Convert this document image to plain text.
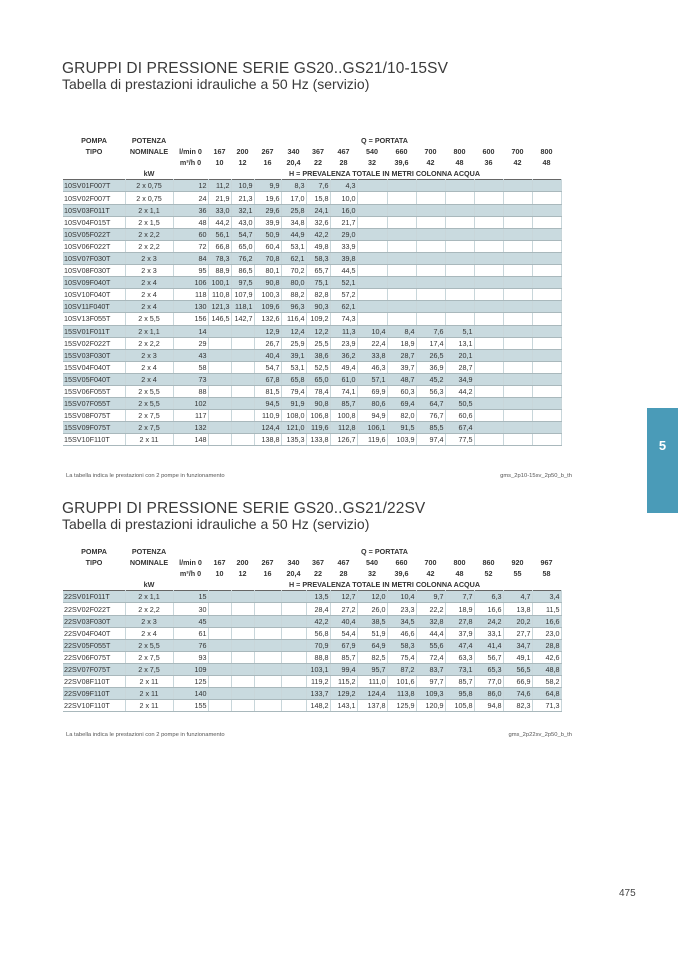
GRUPPI DI PRESSIONE SERIE GS20..GS21/10-15SV
Tabella di prestazioni idrauliche a 50 Hz (servizio)
POMPA	POTENZA		Q = PORTATA												
TIPO	NOMINALE	l/min 0	167	200	267	340	367	467	540	660	700	800	600	700	800
		m³/h 0	10	12	16	20,4	22	28	32	39,6	42	48	36	42	48
	kW		H = PREVALENZA TOTALE IN METRI COLONNA ACQUA												
10SV01F007T	2 x 0,75	12	11,2	10,9	9,9	8,3	7,6	4,3							
10SV02F007T	2 x 0,75	24	21,9	21,3	19,6	17,0	15,8	10,0							
10SV03F011T	2 x 1,1	36	33,0	32,1	29,6	25,8	24,1	16,0							
10SV04F015T	2 x 1,5	48	44,2	43,0	39,9	34,8	32,6	21,7							
10SV05F022T	2 x 2,2	60	56,1	54,7	50,9	44,9	42,2	29,0							
10SV06F022T	2 x 2,2	72	66,8	65,0	60,4	53,1	49,8	33,9							
10SV07F030T	2 x 3	84	78,3	76,2	70,8	62,1	58,3	39,8							
10SV08F030T	2 x 3	95	88,9	86,5	80,1	70,2	65,7	44,5							
10SV09F040T	2 x 4	106	100,1	97,5	90,8	80,0	75,1	52,1							
10SV10F040T	2 x 4	118	110,8	107,9	100,3	88,2	82,8	57,2							
10SV11F040T	2 x 4	130	121,3	118,1	109,6	96,3	90,3	62,1							
10SV13F055T	2 x 5,5	156	146,5	142,7	132,6	116,4	109,2	74,3							
15SV01F011T	2 x 1,1	14			12,9	12,4	12,2	11,3	10,4	8,4	7,6	5,1			
15SV02F022T	2 x 2,2	29			26,7	25,9	25,5	23,9	22,4	18,9	17,4	13,1			
15SV03F030T	2 x 3	43			40,4	39,1	38,6	36,2	33,8	28,7	26,5	20,1			
15SV04F040T	2 x 4	58			54,7	53,1	52,5	49,4	46,3	39,7	36,9	28,7			
15SV05F040T	2 x 4	73			67,8	65,8	65,0	61,0	57,1	48,7	45,2	34,9			
15SV06F055T	2 x 5,5	88			81,5	79,4	78,4	74,1	69,9	60,3	56,3	44,2			
15SV07F055T	2 x 5,5	102			94,5	91,9	90,8	85,7	80,6	69,4	64,7	50,5			
15SV08F075T	2 x 7,5	117			110,9	108,0	106,8	100,8	94,9	82,0	76,7	60,6			
15SV09F075T	2 x 7,5	132			124,4	121,0	119,6	112,8	106,1	91,5	85,5	67,4			
15SV10F110T	2 x 11	148			138,8	135,3	133,8	126,7	119,6	103,9	97,4	77,5			
La tabella indica le prestazioni con 2 pompe in funzionamento	gms_2p10-15sv_2p50_b_th
GRUPPI DI PRESSIONE SERIE GS20..GS21/22SV
Tabella di prestazioni idrauliche a 50 Hz (servizio)
POMPA	POTENZA		Q = PORTATA												
TIPO	NOMINALE	l/min 0	167	200	267	340	367	467	540	660	700	800	860	920	967
		m³/h 0	10	12	16	20,4	22	28	32	39,6	42	48	52	55	58
	kW		H = PREVALENZA TOTALE IN METRI COLONNA ACQUA												
22SV01F011T	2 x 1,1	15					13,5	12,7	12,0	10,4	9,7	7,7	6,3	4,7	3,4
22SV02F022T	2 x 2,2	30					28,4	27,2	26,0	23,3	22,2	18,9	16,6	13,8	11,5
22SV03F030T	2 x 3	45					42,2	40,4	38,5	34,5	32,8	27,8	24,2	20,2	16,6
22SV04F040T	2 x 4	61					56,8	54,4	51,9	46,6	44,4	37,9	33,1	27,7	23,0
22SV05F055T	2 x 5,5	76					70,9	67,9	64,9	58,3	55,6	47,4	41,4	34,7	28,8
22SV06F075T	2 x 7,5	93					88,8	85,7	82,5	75,4	72,4	63,3	56,7	49,1	42,6
22SV07F075T	2 x 7,5	109					103,1	99,4	95,7	87,2	83,7	73,1	65,3	56,5	48,8
22SV08F110T	2 x 11	125					119,2	115,2	111,0	101,6	97,7	85,7	77,0	66,9	58,2
22SV09F110T	2 x 11	140					133,7	129,2	124,4	113,8	109,3	95,8	86,0	74,6	64,8
22SV10F110T	2 x 11	155					148,2	143,1	137,8	125,9	120,9	105,8	94,8	82,3	71,3
La tabella indica le prestazioni con 2 pompe in funzionamento	gms_2p22sv_2p50_b_th
5
475
